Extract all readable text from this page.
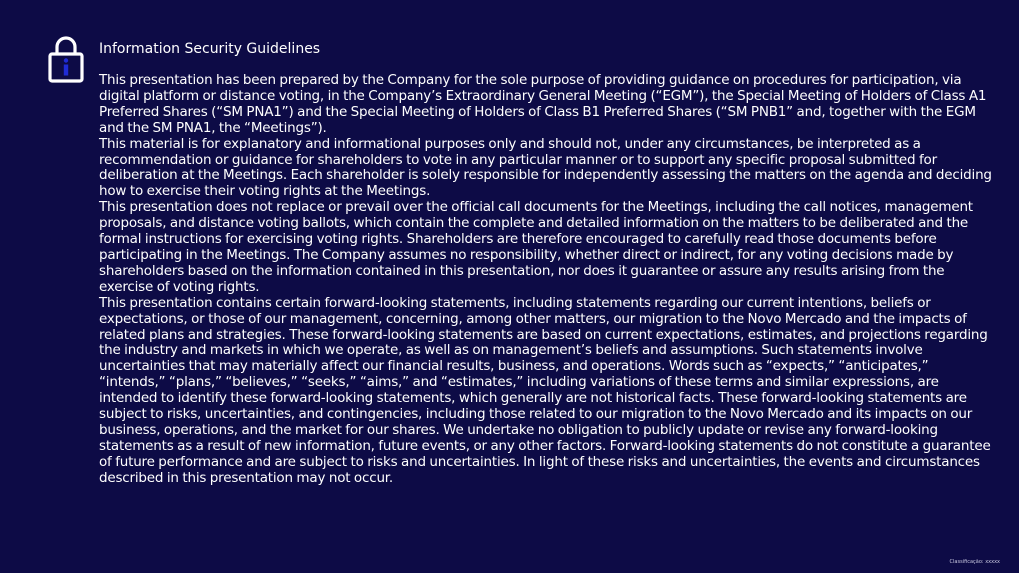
Information Security Guidelines

This presentation has been prepared by the Company for the sole purpose of providing guidance on procedures for participation, via digital platform or distance voting, in the Company’s Extraordinary General Meeting (“EGM”), the Special Meeting of Holders of Class A1 Preferred Shares (“SM PNA1”) and the Special Meeting of Holders of Class B1 Preferred Shares (“SM PNB1” and, together with the EGM and the SM PNA1, the “Meetings”).

This material is for explanatory and informational purposes only and should not, under any circumstances, be interpreted as a recommendation or guidance for shareholders to vote in any particular manner or to support any specific proposal submitted for deliberation at the Meetings. Each shareholder is solely responsible for independently assessing the matters on the agenda and deciding how to exercise their voting rights at the Meetings.

This presentation does not replace or prevail over the official call documents for the Meetings, including the call notices, management proposals, and distance voting ballots, which contain the complete and detailed information on the matters to be deliberated and the formal instructions for exercising voting rights. Shareholders are therefore encouraged to carefully read those documents before participating in the Meetings. The Company assumes no responsibility, whether direct or indirect, for any voting decisions made by shareholders based on the information contained in this presentation, nor does it guarantee or assure any results arising from the exercise of voting rights.

This presentation contains certain forward-looking statements, including statements regarding our current intentions, beliefs or expectations, or those of our management, concerning, among other matters, our migration to the Novo Mercado and the impacts of related plans and strategies. These forward-looking statements are based on current expectations, estimates, and projections regarding the industry and markets in which we operate, as well as on management’s beliefs and assumptions. Such statements involve uncertainties that may materially affect our financial results, business, and operations. Words such as “expects,” “anticipates,” “intends,” “plans,” “believes,” “seeks,” “aims,” and “estimates,” including variations of these terms and similar expressions, are intended to identify these forward-looking statements, which generally are not historical facts. These forward-looking statements are subject to risks, uncertainties, and contingencies, including those related to our migration to the Novo Mercado and its impacts on our business, operations, and the market for our shares. We undertake no obligation to publicly update or revise any forward-looking statements as a result of new information, future events, or any other factors. Forward-looking statements do not constitute a guarantee of future performance and are subject to risks and uncertainties. In light of these risks and uncertainties, the events and circumstances described in this presentation may not occur.

Classificação: xxxxx
